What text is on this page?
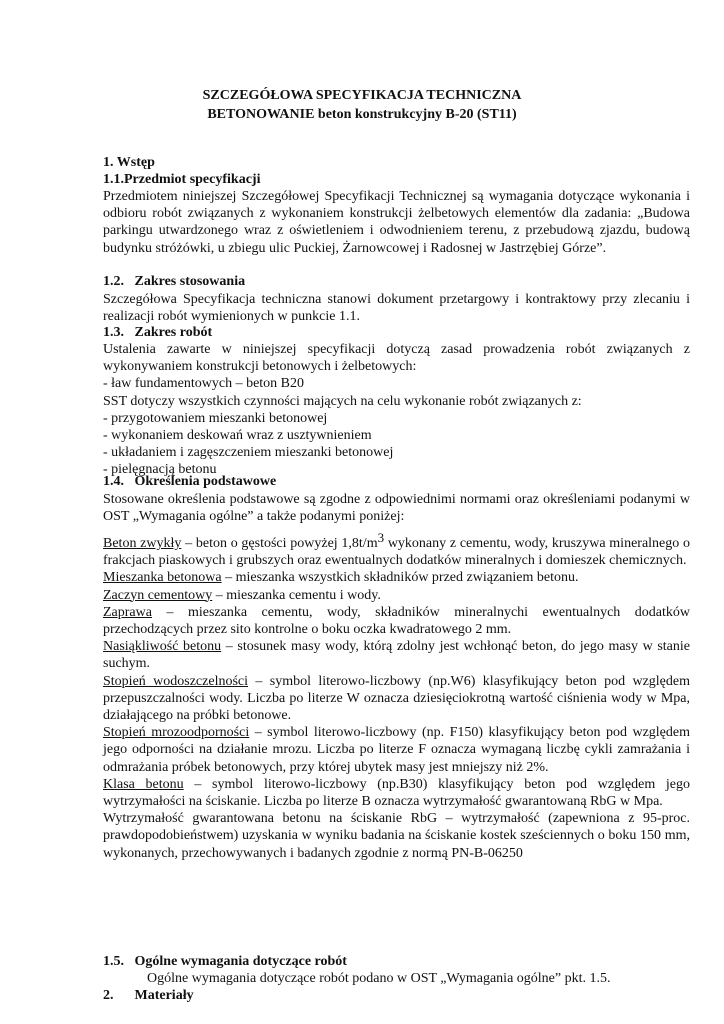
SZCZEGÓŁOWA SPECYFIKACJA TECHNICZNA
BETONOWANIE beton konstrukcyjny B-20 (ST11)
1. Wstęp
1.1.Przedmiot specyfikacji
Przedmiotem niniejszej Szczegółowej Specyfikacji Technicznej są wymagania dotyczące wykonania i odbioru robót związanych z wykonaniem konstrukcji żelbetowych elementów dla zadania: „Budowa parkingu utwardzonego wraz z oświetleniem i odwodnieniem terenu, z przebudową zjazdu, budową budynku stróżówki, u zbiegu ulic Puckiej, Żarnowcowej i Radosnej w Jastrzębiej Górze”.
1.2. Zakres stosowania
Szczegółowa Specyfikacja techniczna stanowi dokument przetargowy i kontraktowy przy zlecaniu i realizacji robót wymienionych w punkcie 1.1.
1.3. Zakres robót
Ustalenia zawarte w niniejszej specyfikacji dotyczą zasad prowadzenia robót związanych z wykonywaniem konstrukcji betonowych i żelbetowych:
- ław fundamentowych – beton B20
SST dotyczy wszystkich czynności mających na celu wykonanie robót związanych z:
- przygotowaniem mieszanki betonowej
- wykonaniem deskowań wraz z usztywnieniem
- układaniem i zagęszczeniem mieszanki betonowej
- pielęgnacją betonu
1.4. Określenia podstawowe
Stosowane określenia podstawowe są zgodne z odpowiednimi normami oraz określeniami podanymi w OST „Wymagania ogólne” a także podanymi poniżej:
Beton zwykły – beton o gęstości powyżej 1,8t/m3 wykonany z cementu, wody, kruszywa mineralnego o frakcjach piaskowych i grubszych oraz ewentualnych dodatków mineralnych i domieszek chemicznych.
Mieszanka betonowa – mieszanka wszystkich składników przed związaniem betonu.
Zaczyn cementowy – mieszanka cementu i wody.
Zaprawa – mieszanka cementu, wody, składników mineralnychi ewentualnych dodatków przechodzących przez sito kontrolne o boku oczka kwadratowego 2 mm.
Nasiąkliwość betonu – stosunek masy wody, którą zdolny jest wchłonąć beton, do jego masy w stanie suchym.
Stopień wodoszczelności – symbol literowo-liczbowy (np.W6) klasyfikujący beton pod względem przepuszczalności wody. Liczba po literze W oznacza dziesięciokrotną wartość ciśnienia wody w Mpa, działającego na próbki betonowe.
Stopień mrozoodporności – symbol literowo-liczbowy (np. F150) klasyfikujący beton pod względem jego odporności na działanie mrozu. Liczba po literze F oznacza wymaganą liczbę cykli zamrażania i odmrażania próbek betonowych, przy której ubytek masy jest mniejszy niż 2%.
Klasa betonu – symbol literowo-liczbowy (np.B30) klasyfikujący beton pod względem jego wytrzymałości na ściskanie. Liczba po literze B oznacza wytrzymałość gwarantowaną RbG w Mpa.
Wytrzymałość gwarantowana betonu na ściskanie RbG – wytrzymałość (zapewniona z 95-proc. prawdopodobieństwem) uzyskania w wyniku badania na ściskanie kostek sześciennych o boku 150 mm, wykonanych, przechowywanych i badanych zgodnie z normą PN-B-06250
1.5. Ogólne wymagania dotyczące robót
Ogólne wymagania dotyczące robót podano w OST „Wymagania ogólne” pkt. 1.5.
2. Materiały
